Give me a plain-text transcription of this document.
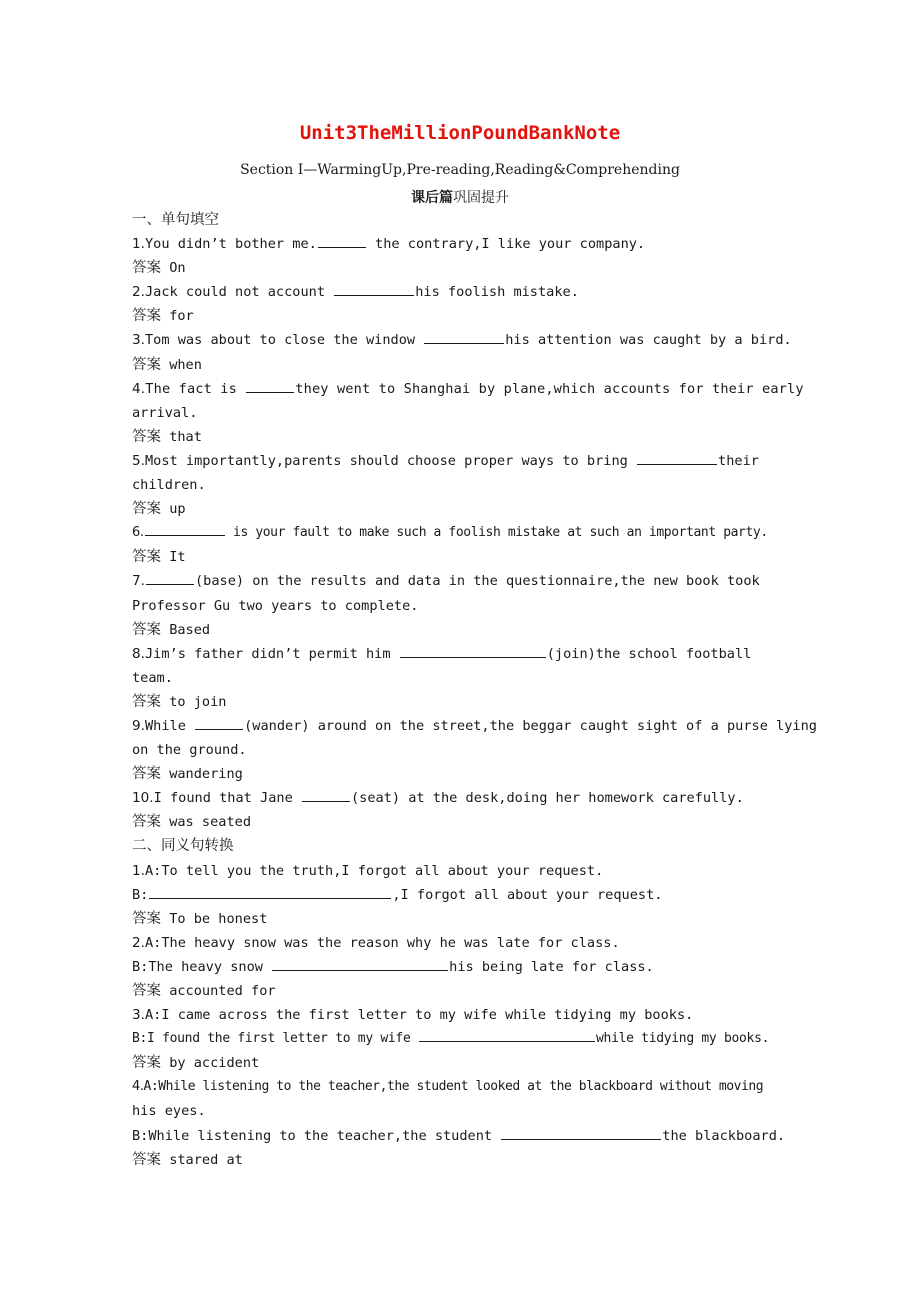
Unit3TheMillionPoundBankNote
Section Ⅰ—WarmingUp,Pre-reading,Reading&Comprehending
课后篇巩固提升
一、单句填空
1.You didn’t bother me.	the contrary,I like your company.
答案 On
2.Jack could not account	his foolish mistake.
答案 for
3.Tom was about to close the window	his attention was caught by a bird.
答案 when
4.The fact is	they went to Shanghai by plane,which accounts for their early
arrival.
答案 that
5.Most importantly,parents should choose proper ways to bring	their
children.
答案 up
6.	is your fault to make such a foolish mistake at such an important party.
答案 It
7.	(base) on the results and data in the questionnaire,the new book took
Professor Gu two years to complete.
答案 Based
8.Jim’s father didn’t permit him	(join)the school football
team.
答案 to join
9.While	(wander) around on the street,the beggar caught sight of a purse lying
on the ground.
答案 wandering
10.I found that Jane	(seat) at the desk,doing her homework carefully.
答案 was seated
二、同义句转换
1.A:To tell you the truth,I forgot all about your request.
B:	,I forgot all about your request.
答案 To be honest
2.A:The heavy snow was the reason why he was late for class.
B:The heavy snow	his being late for class.
答案 accounted for
3.A:I came across the first letter to my wife while tidying my books.
B:I found the first letter to my wife	while tidying my books.
答案 by accident
4.A:While listening to the teacher,the student looked at the blackboard without moving
his eyes.
B:While listening to the teacher,the student	the blackboard.
答案 stared at
